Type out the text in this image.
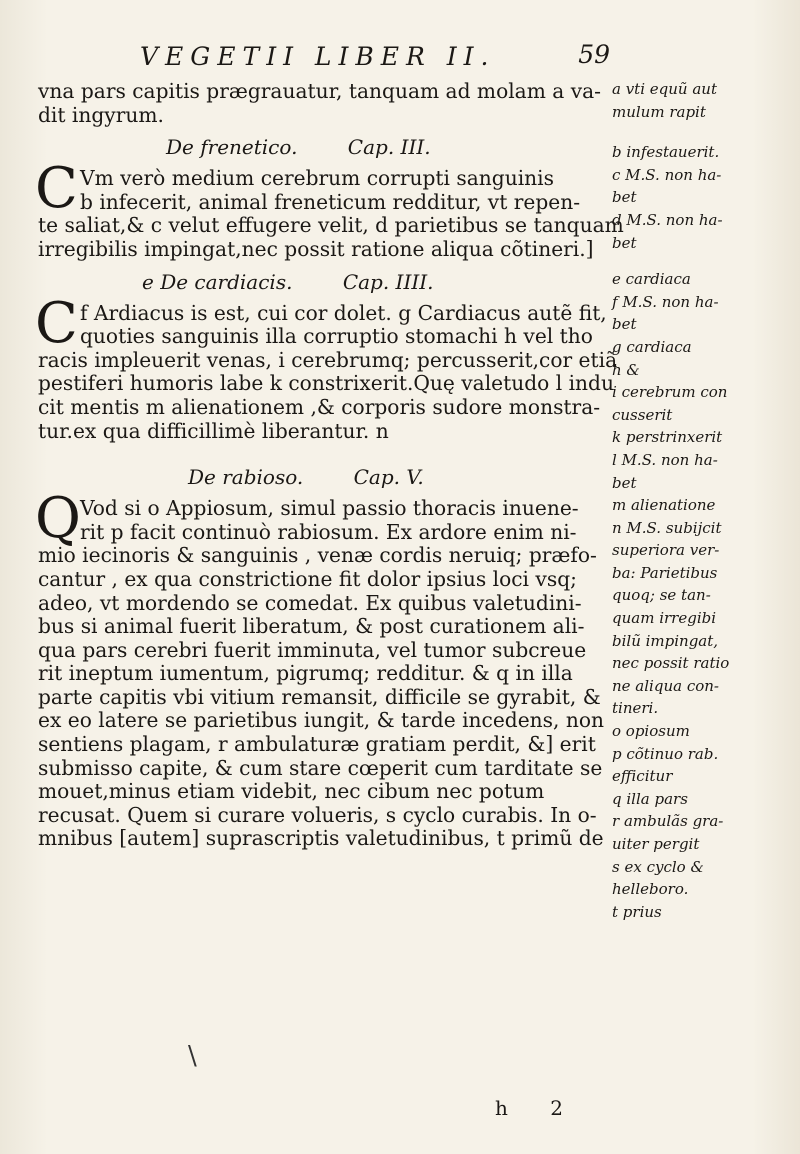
VEGETII LIBER II.	59
vna pars capitis prægrauatur, tanquam ad molam a va-
dit ingyrum.
De frenetico.	Cap. III.
C Vm verò medium cerebrum corrupti sanguinis
b infecerit, animal freneticum redditur, vt repen-
te saliat,& c velut effugere velit, d parietibus se tanquam
irregibilis impingat,nec possit ratione aliqua cõtineri.]
e De cardiacis.	Cap. IIII.
C f Ardiacus is est, cui cor dolet. g Cardiacus autẽ fit,
quoties sanguinis illa corruptio stomachi h vel tho
racis impleuerit venas, i cerebrumq; percusserit,cor etiã
pestiferi humoris labe k constrixerit.Quę valetudo l indu
cit mentis m alienationem ,& corporis sudore monstra-
tur.ex qua difficillimè liberantur. n
De rabioso.	Cap. V.
Q Vod si o Appiosum, simul passio thoracis inuene-
rit p facit continuò rabiosum. Ex ardore enim ni-
mio iecinoris & sanguinis , venæ cordis neruiq; præfo-
cantur , ex qua constrictione fit dolor ipsius loci vsq;
adeo, vt mordendo se comedat. Ex quibus valetudini-
bus si animal fuerit liberatum, & post curationem ali-
qua pars cerebri fuerit imminuta, vel tumor subcreue
rit ineptum iumentum, pigrumq; redditur. & q in illa
parte capitis vbi vitium remansit, difficile se gyrabit, &
ex eo latere se parietibus iungit, & tarde incedens, non
sentiens plagam, r ambulaturæ gratiam perdit, &] erit
submisso capite, & cum stare cœperit cum tarditate se
mouet,minus etiam videbit, nec cibum nec potum
recusat. Quem si curare volueris, s cyclo curabis. In o-
mnibus [autem] suprascriptis valetudinibus, t primũ de
a vti equũ aut
mulum rapit
b infestauerit.
c M.S. non ha-
bet
d M.S. non ha-
bet
e cardiaca
f M.S. non ha-
bet
g cardiaca
h &
i cerebrum con
cusserit
k perstrinxerit
l M.S. non ha-
bet
m alienatione
n M.S. subijcit
superiora ver-
ba: Parietibus
quoq; se tan-
quam irregibi
bilũ impingat,
nec possit ratio
ne aliqua con-
tineri.
o opiosum
p cõtinuo rab.
efficitur
q illa pars
r ambulãs gra-
uiter pergit
s ex cyclo &
helleboro.
t prius
h 2
\
